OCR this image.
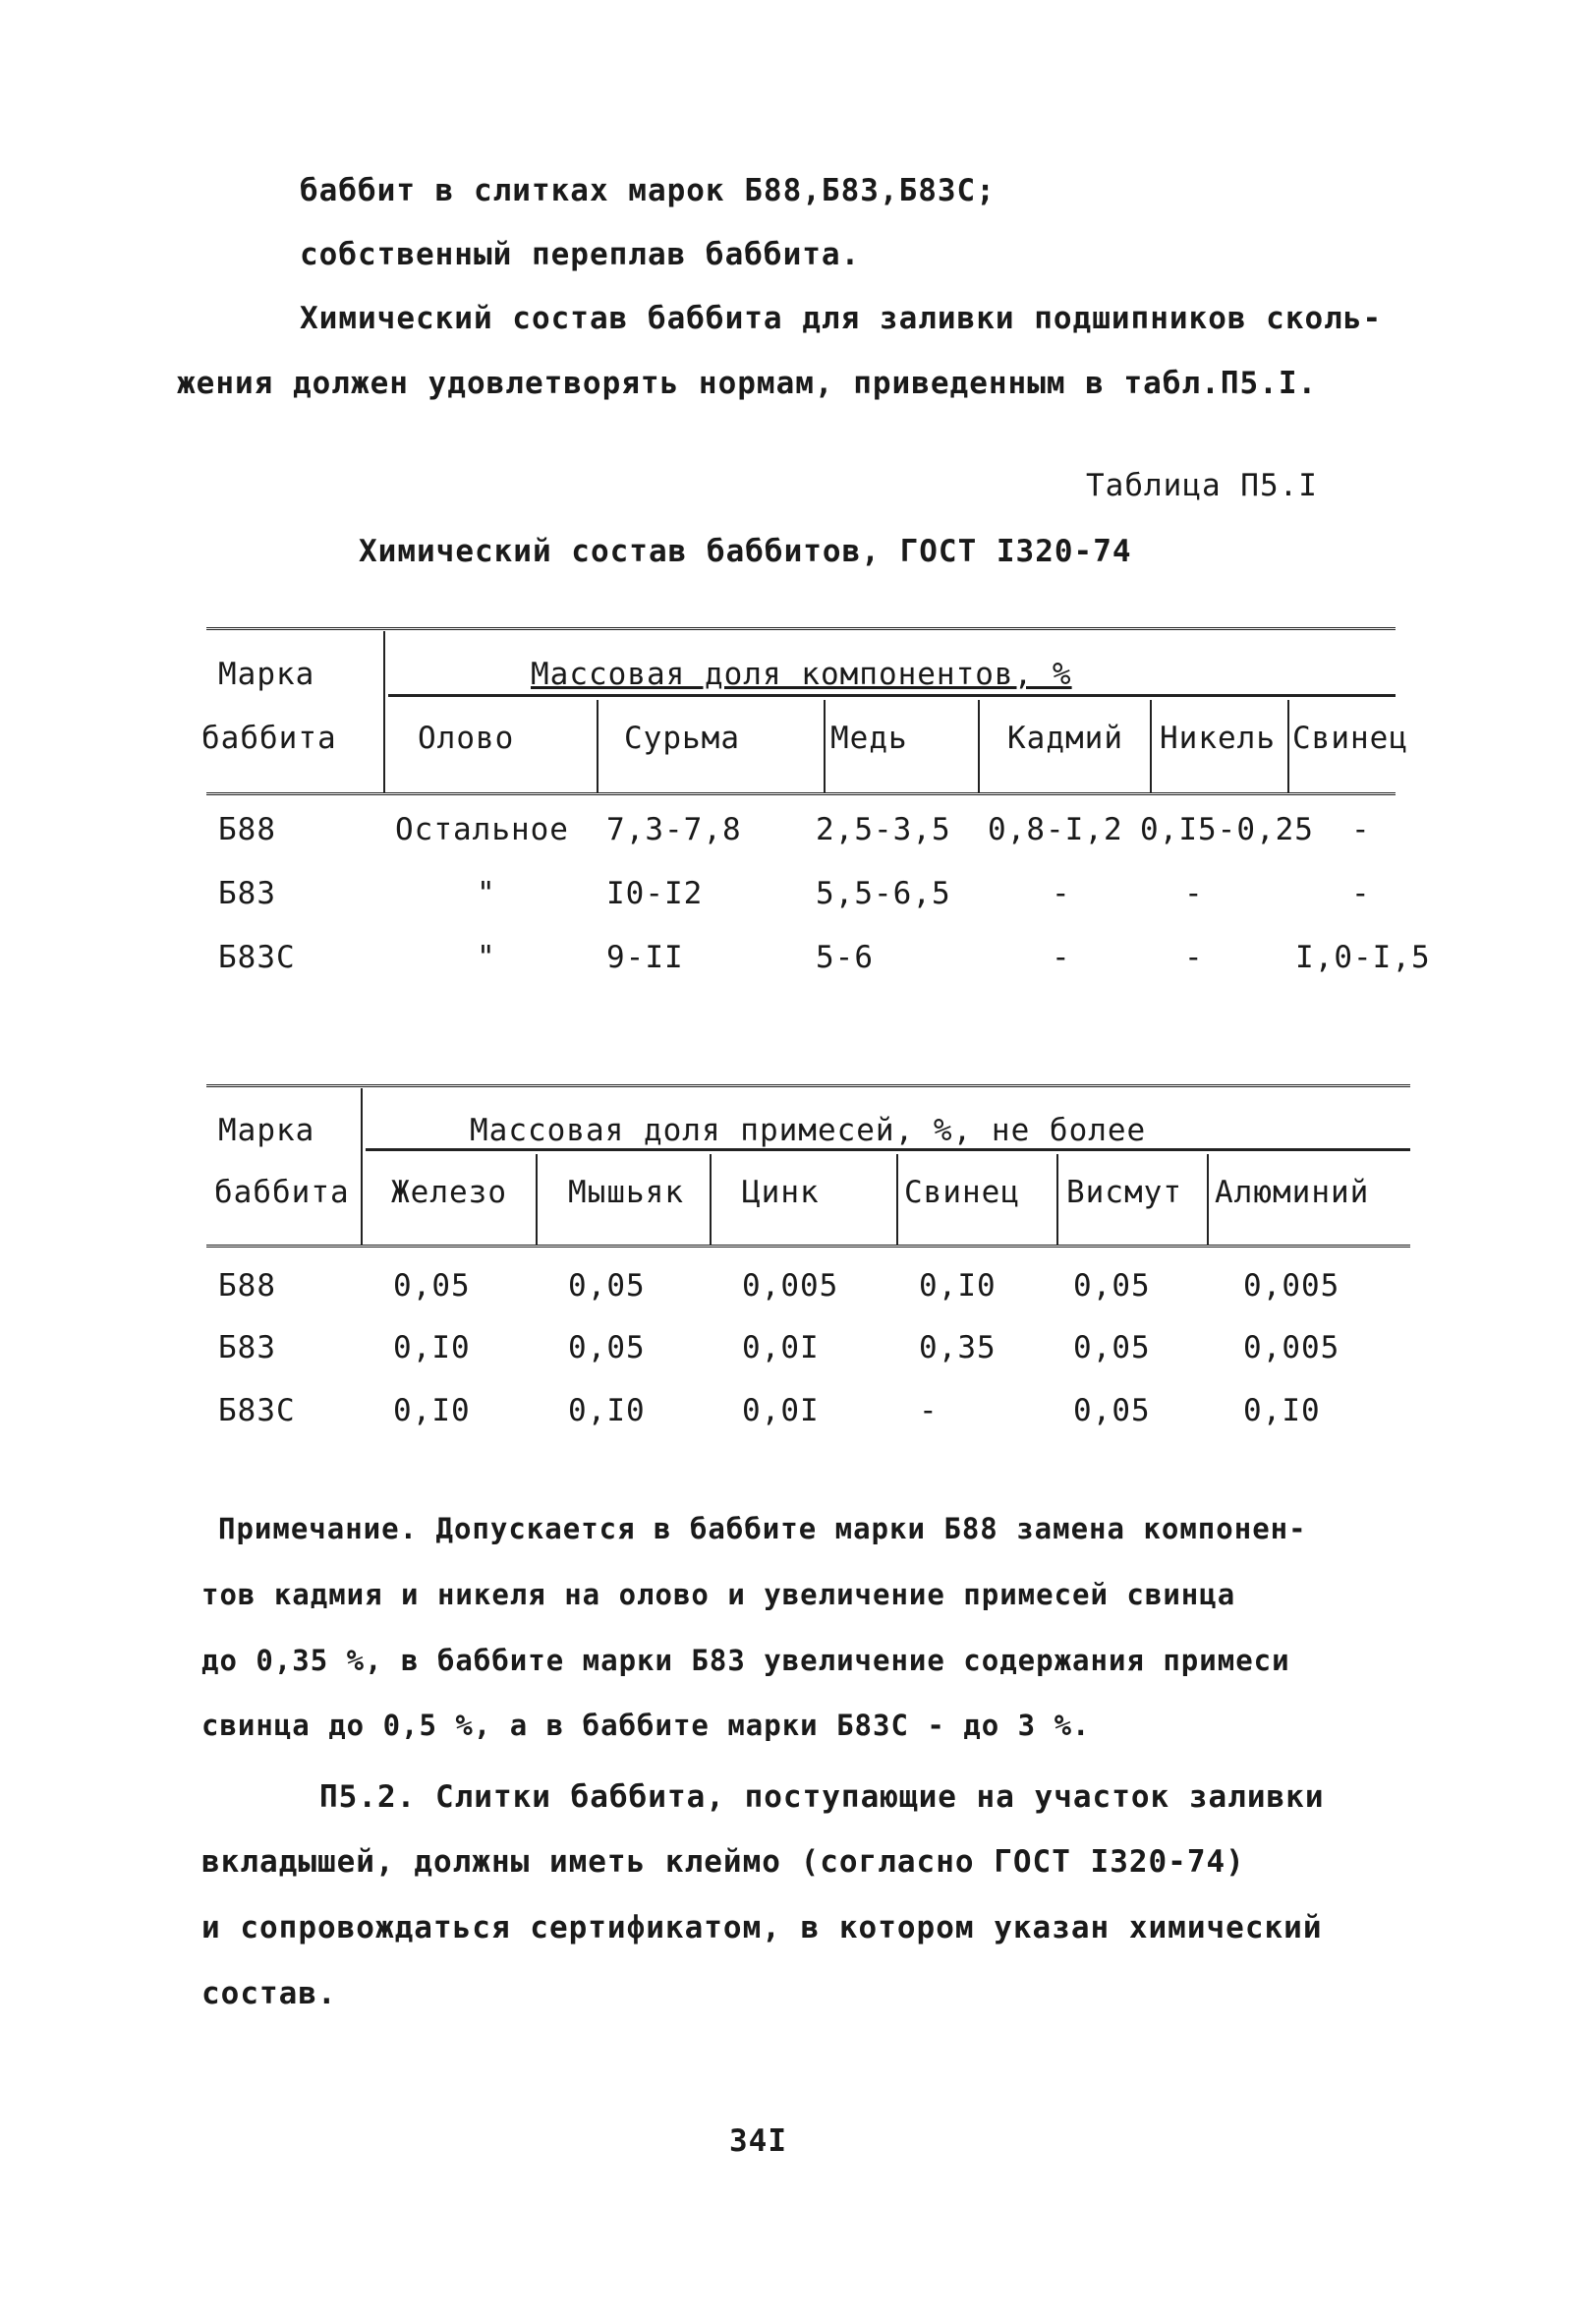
баббит в слитках марок Б88,Б83,Б83С;
собственный переплав баббита.
Химический состав баббита для заливки подшипников сколь-
жения должен удовлетворять нормам, приведенным в табл.П5.I.
Таблица П5.I
Химический состав баббитов, ГОСТ I320-74
Марка
баббита
Массовая доля компонентов, %
Олово	Сурьма	Медь	Кадмий Никель Свинец
Б88	Остальное 7,3-7,8 2,5-3,5 0,8-I,2 0,I5-0,25 -
Б83	"	I0-I2	5,5-6,5	-	-	-
Б83С	"	9-II	5-6	-	-	I,0-I,5
Марка
баббита
Массовая доля примесей, %, не более
Железо Мышьяк Цинк	Свинец Висмут Алюминий
Б88	0,05	0,05	0,005	0,I0	0,05	0,005
Б83	0,I0	0,05	0,0I	0,35	0,05	0,005
Б83С	0,I0	0,I0	0,0I	-	0,05	0,I0
Примечание. Допускается в баббите марки Б88 замена компонен-
тов кадмия и никеля на олово и увеличение примесей свинца
до 0,35 %, в баббите марки Б83 увеличение содержания примеси
свинца до 0,5 %, а в баббите марки Б83С - до 3 %.
П5.2. Слитки баббита, поступающие на участок заливки
вкладышей, должны иметь клеймо (согласно ГОСТ I320-74)
и сопровождаться сертификатом, в котором указан химический
состав.
34I
